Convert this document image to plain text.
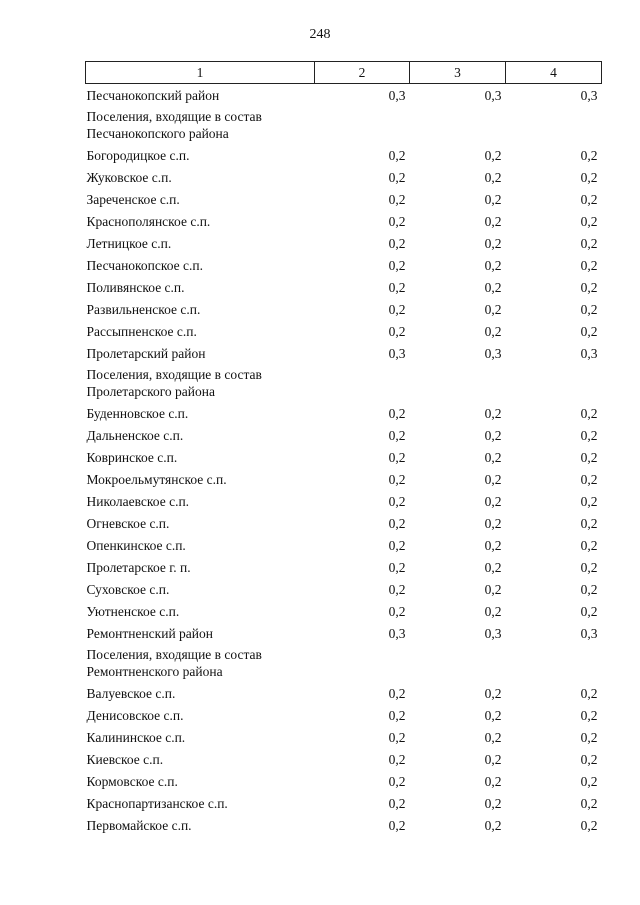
248
1	2	3	4
Песчанокопский район	0,3	0,3	0,3
Поселения, входящие в состав Песчанокопского района			
Богородицкое с.п.	0,2	0,2	0,2
Жуковское с.п.	0,2	0,2	0,2
Зареченское с.п.	0,2	0,2	0,2
Краснополянское с.п.	0,2	0,2	0,2
Летницкое с.п.	0,2	0,2	0,2
Песчанокопское с.п.	0,2	0,2	0,2
Поливянское с.п.	0,2	0,2	0,2
Развильненское с.п.	0,2	0,2	0,2
Рассыпненское с.п.	0,2	0,2	0,2
Пролетарский район	0,3	0,3	0,3
Поселения, входящие в состав Пролетарского района			
Буденновское с.п.	0,2	0,2	0,2
Дальненское с.п.	0,2	0,2	0,2
Ковринское с.п.	0,2	0,2	0,2
Мокроельмутянское с.п.	0,2	0,2	0,2
Николаевское с.п.	0,2	0,2	0,2
Огневское с.п.	0,2	0,2	0,2
Опенкинское с.п.	0,2	0,2	0,2
Пролетарское г. п.	0,2	0,2	0,2
Суховское с.п.	0,2	0,2	0,2
Уютненское с.п.	0,2	0,2	0,2
Ремонтненский район	0,3	0,3	0,3
Поселения, входящие в состав Ремонтненского района			
Валуевское с.п.	0,2	0,2	0,2
Денисовское с.п.	0,2	0,2	0,2
Калининское с.п.	0,2	0,2	0,2
Киевское с.п.	0,2	0,2	0,2
Кормовское с.п.	0,2	0,2	0,2
Краснопартизанское с.п.	0,2	0,2	0,2
Первомайское с.п.	0,2	0,2	0,2
